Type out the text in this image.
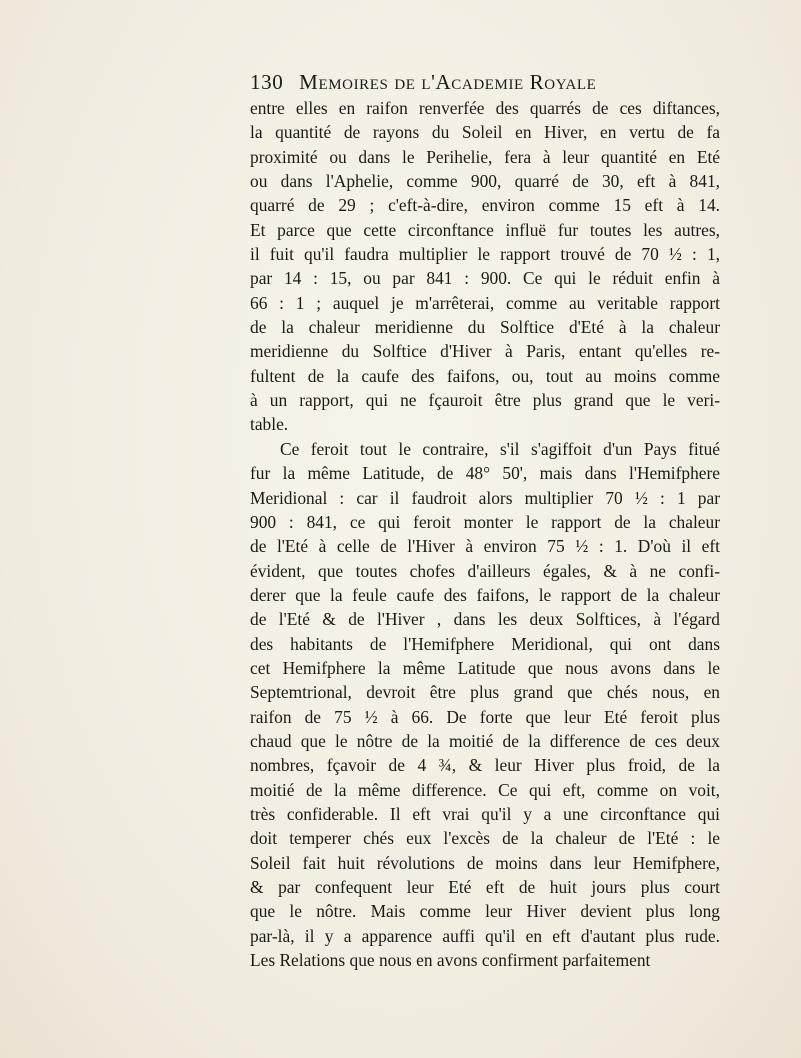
130 Memoires de l'Academie Royale
entre elles en raifon renverfée des quarrés de ces diftances,
la quantité de rayons du Soleil en Hiver, en vertu de fa
proximité ou dans le Perihelie, fera à leur quantité en Eté
ou dans l'Aphelie, comme 900, quarré de 30, eft à 841,
quarré de 29 ; c'eft-à-dire, environ comme 15 eft à 14.
Et parce que cette circonftance influë fur toutes les autres,
il fuit qu'il faudra multiplier le rapport trouvé de 70 ½ : 1,
par 14 : 15, ou par 841 : 900. Ce qui le réduit enfin à
66 : 1 ; auquel je m'arrêterai, comme au veritable rapport
de la chaleur meridienne du Solftice d'Eté à la chaleur
meridienne du Solftice d'Hiver à Paris, entant qu'elles re-
fultent de la caufe des faifons, ou, tout au moins comme
à un rapport, qui ne fçauroit être plus grand que le veri-
table.
Ce feroit tout le contraire, s'il s'agiffoit d'un Pays fitué
fur la même Latitude, de 48° 50', mais dans l'Hemifphere
Meridional : car il faudroit alors multiplier 70 ½ : 1 par
900 : 841, ce qui feroit monter le rapport de la chaleur
de l'Eté à celle de l'Hiver à environ 75 ½ : 1. D'où il eft
évident, que toutes chofes d'ailleurs égales, & à ne confi-
derer que la feule caufe des faifons, le rapport de la chaleur
de l'Eté & de l'Hiver , dans les deux Solftices, à l'égard
des habitants de l'Hemifphere Meridional, qui ont dans
cet Hemifphere la même Latitude que nous avons dans le
Septemtrional, devroit être plus grand que chés nous, en
raifon de 75 ½ à 66. De forte que leur Eté feroit plus
chaud que le nôtre de la moitié de la difference de ces deux
nombres, fçavoir de 4 ¾, & leur Hiver plus froid, de la
moitié de la même difference. Ce qui eft, comme on voit,
très confiderable. Il eft vrai qu'il y a une circonftance qui
doit temperer chés eux l'excès de la chaleur de l'Eté : le
Soleil fait huit révolutions de moins dans leur Hemifphere,
& par confequent leur Eté eft de huit jours plus court
que le nôtre. Mais comme leur Hiver devient plus long
par-là, il y a apparence auffi qu'il en eft d'autant plus rude.
Les Relations que nous en avons confirment parfaitement
